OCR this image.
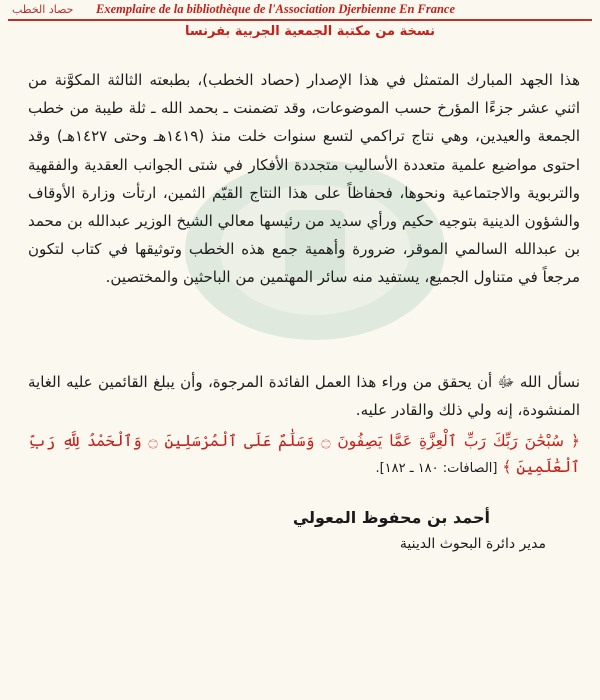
حصاد الخطب Exemplaire de la bibliothèque de l'Association Djerbienne En France
نسخة من مكتبة الجمعية الجربية بفرنسا
هذا الجهد المبارك المتمثل في هذا الإصدار (حصاد الخطب)، بطبعته الثالثة المكوَّنة من اثني عشر جزءًا المؤرخ حسب الموضوعات، وقد تضمنت ـ بحمد الله ـ ثلة طيبة من خطب الجمعة والعيدين، وهي نتاج تراكمي لتسع سنوات خلت منذ (١٤١٩هـ وحتى ١٤٢٧هـ) وقد احتوى مواضيع علمية متعددة الأساليب متجددة الأفكار في شتى الجوانب العقدية والفقهية والتربوية والاجتماعية ونحوها، فحفاظاً على هذا النتاج القيّم الثمين، ارتأت وزارة الأوقاف والشؤون الدينية بتوجيه حكيم ورأي سديد من رئيسها معالي الشيخ الوزير عبدالله بن محمد بن عبدالله السالمي الموقر، ضرورة وأهمية جمع هذه الخطب وتوثيقها في كتاب لتكون مرجعاً في متناول الجميع، يستفيد منه سائر المهتمين من الباحثين والمختصين.
نسأل الله ﷻ أن يحقق من وراء هذا العمل الفائدة المرجوة، وأن يبلغ القائمين عليه الغاية المنشودة، إنه ولي ذلك والقادر عليه.
﴿ سُبْحَٰنَ رَبِّكَ رَبِّ ٱلْعِزَّةِ عَمَّا يَصِفُونَ ۝ وَسَلَٰمٌ عَلَى ٱلْمُرْسَلِينَ ۝ وَٱلْحَمْدُ لِلَّهِ رَبِّ ٱلْعَٰلَمِينَ ﴾ [الصافات: ١٨٠ ـ ١٨٢].
أحمد بن محفوظ المعولي
مدير دائرة البحوث الدينية
